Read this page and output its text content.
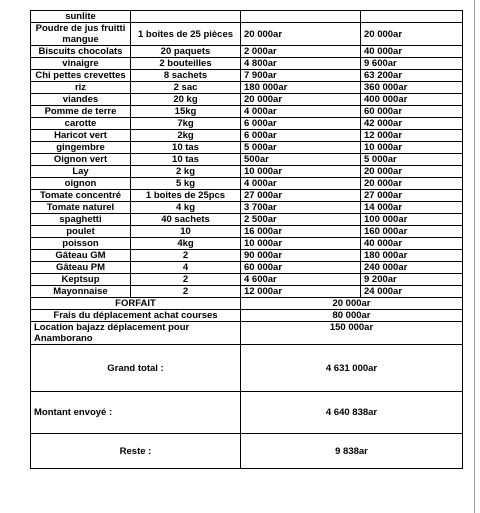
sunlite			
Poudre de jus fruitti mangue	1 boites de 25 pièces	20 000ar	20 000ar
Biscuits chocolats	20 paquets	2 000ar	40 000ar
vinaigre	2 bouteilles	4 800ar	9 600ar
Chi pettes crevettes	8 sachets	7 900ar	63 200ar
riz	2 sac	180 000ar	360 000ar
viandes	20 kg	20 000ar	400 000ar
Pomme de terre	15kg	4 000ar	60 000ar
carotte	7kg	6 000ar	42 000ar
Haricot vert	2kg	6 000ar	12 000ar
gingembre	10 tas	5 000ar	10 000ar
Oignon vert	10 tas	500ar	5 000ar
Lay	2 kg	10 000ar	20 000ar
oignon	5 kg	4 000ar	20 000ar
Tomate concentré	1 boites de 25pcs	27 000ar	27 000ar
Tomate naturel	4 kg	3 700ar	14 000ar
spaghetti	40 sachets	2 500ar	100 000ar
poulet	10	16 000ar	160 000ar
poisson	4kg	10 000ar	40 000ar
Gâteau GM	2	90 000ar	180 000ar
Gâteau PM	4	60 000ar	240 000ar
Keptsup	2	4 600ar	9 200ar
Mayonnaise	2	12 000ar	24 000ar
FORFAIT		20 000ar	
Frais du déplacement achat courses		80 000ar	
Location bajazz déplacement pour Anamborano		150 000ar	
Grand total :		4 631 000ar	
Montant envoyé :		4 640 838ar	
Reste :		9 838ar	
